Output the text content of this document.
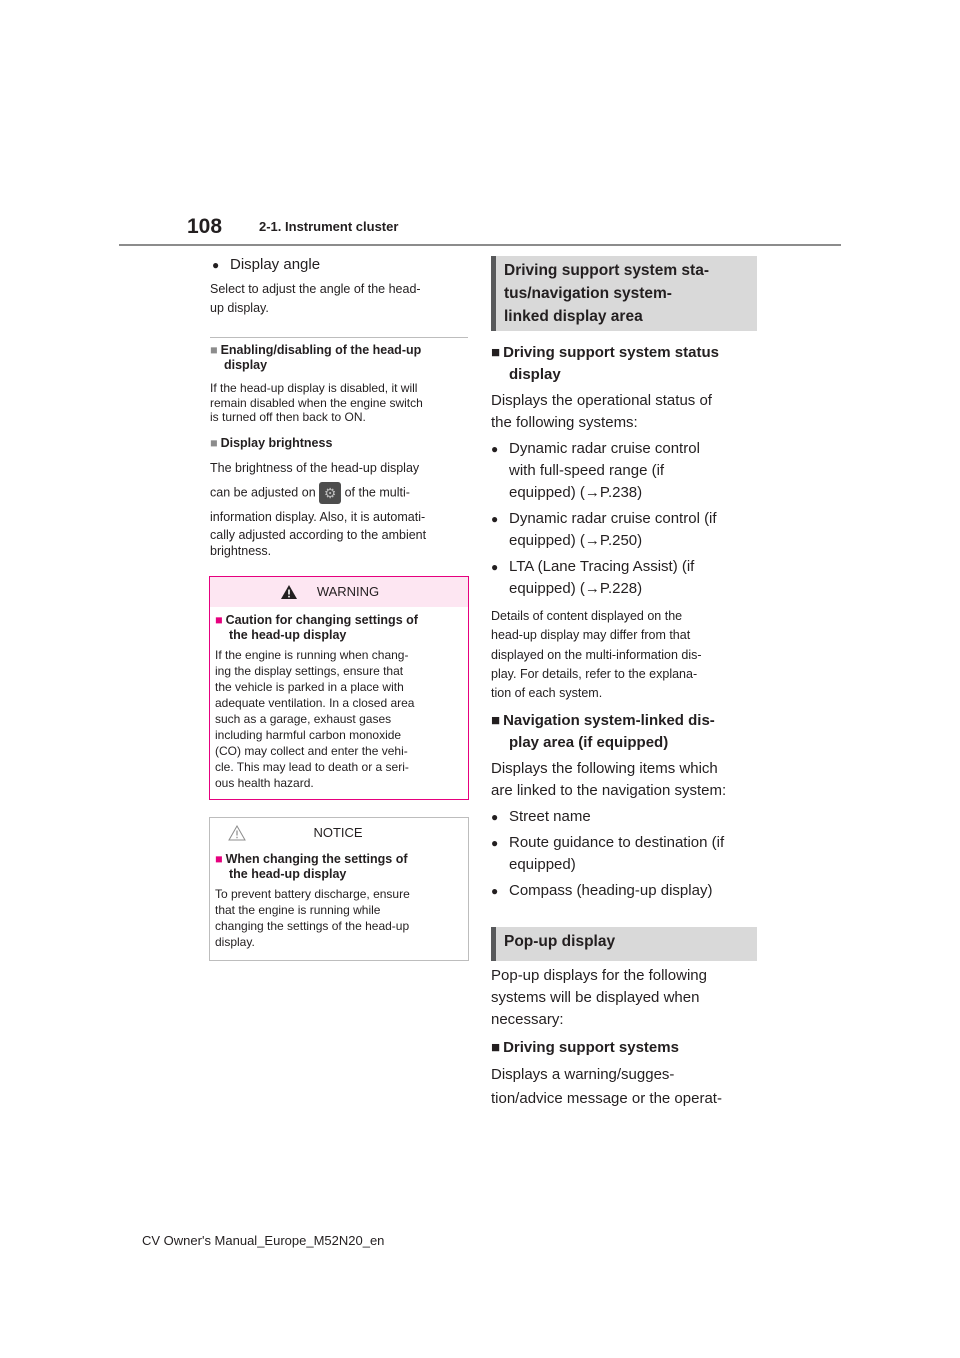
108	2-1. Instrument cluster
● Display angle
Select to adjust the angle of the head-
up display.
■ Enabling/disabling of the head-up
display
If the head-up display is disabled, it will
remain disabled when the engine switch
is turned off then back to ON.
■ Display brightness
The brightness of the head-up display
can be adjusted on ⚙ of the multi-
information display. Also, it is automati-
cally adjusted according to the ambient
brightness.
WARNING
■ Caution for changing settings of
the head-up display
If the engine is running when chang-
ing the display settings, ensure that
the vehicle is parked in a place with
adequate ventilation. In a closed area
such as a garage, exhaust gases
including harmful carbon monoxide
(CO) may collect and enter the vehi-
cle. This may lead to death or a seri-
ous health hazard.
NOTICE
■ When changing the settings of
the head-up display
To prevent battery discharge, ensure
that the engine is running while
changing the settings of the head-up
display.
Driving support system sta-
tus/navigation system-
linked display area
■ Driving support system status
display
Displays the operational status of
the following systems:
● Dynamic radar cruise control
with full-speed range (if
equipped) (→P.238)
● Dynamic radar cruise control (if
equipped) (→P.250)
● LTA (Lane Tracing Assist) (if
equipped) (→P.228)
Details of content displayed on the
head-up display may differ from that
displayed on the multi-information dis-
play. For details, refer to the explana-
tion of each system.
■ Navigation system-linked dis-
play area (if equipped)
Displays the following items which
are linked to the navigation system:
● Street name
● Route guidance to destination (if
equipped)
● Compass (heading-up display)
Pop-up display
Pop-up displays for the following
systems will be displayed when
necessary:
■ Driving support systems
Displays a warning/sugges-
tion/advice message or the operat-
CV Owner's Manual_Europe_M52N20_en
